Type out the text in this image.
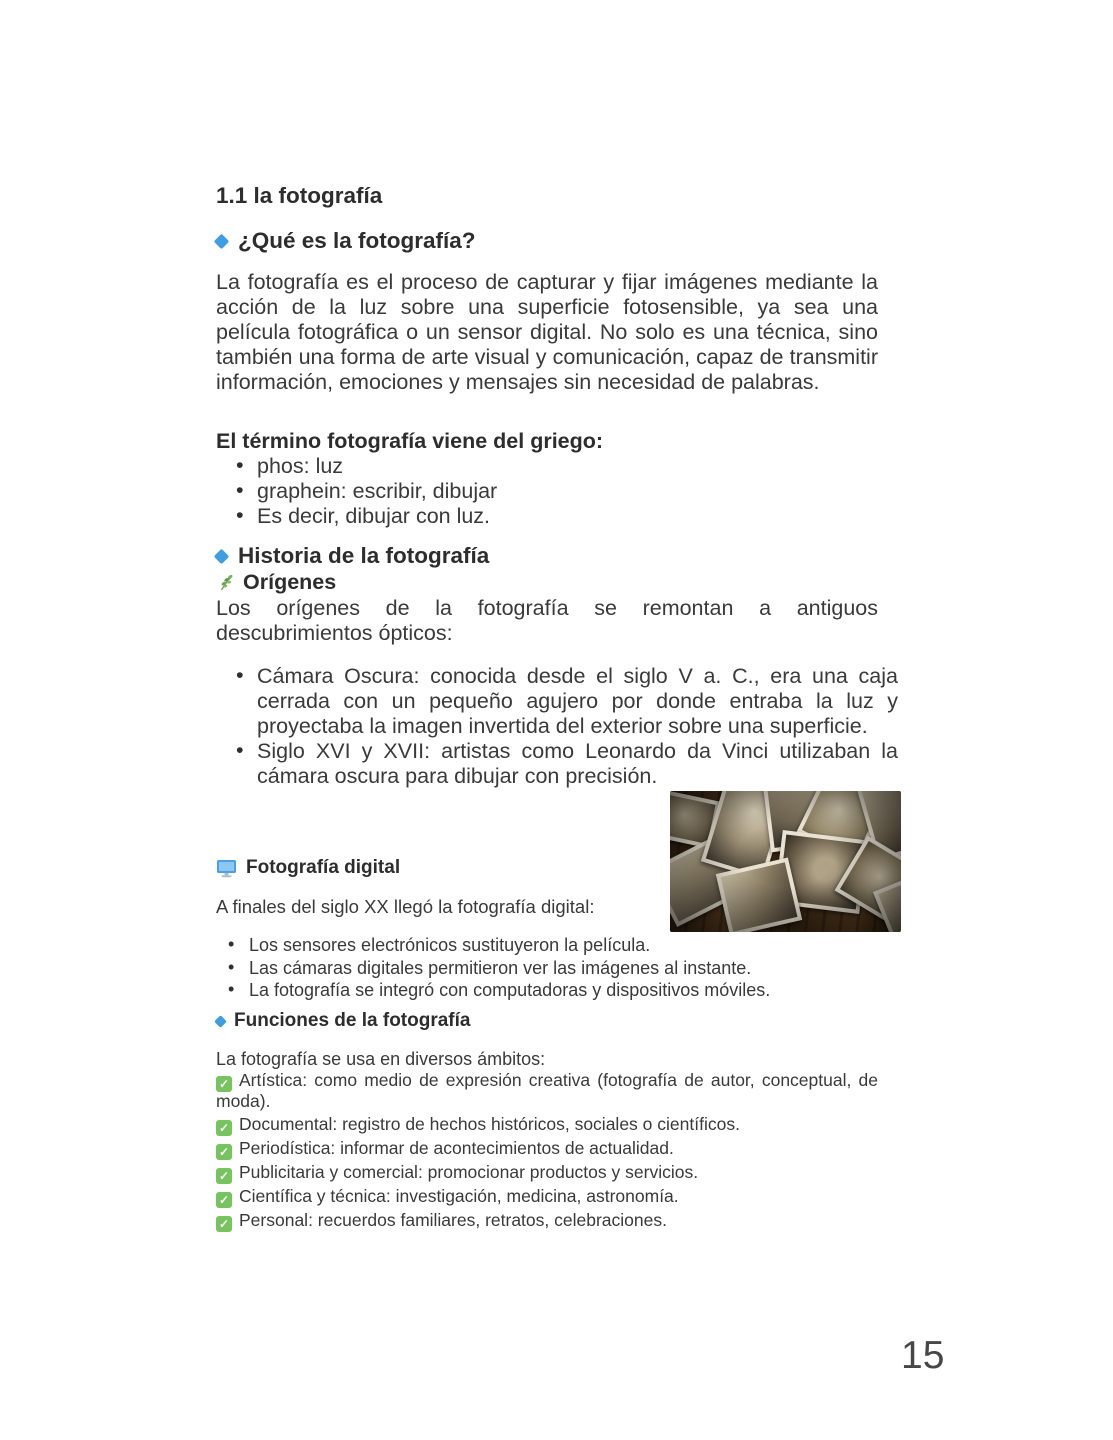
1.1 la fotografía
¿Qué es la fotografía?
La fotografía es el proceso de capturar y fijar imágenes mediante la acción de la luz sobre una superficie fotosensible, ya sea una película fotográfica o un sensor digital. No solo es una técnica, sino también una forma de arte visual y comunicación, capaz de transmitir información, emociones y mensajes sin necesidad de palabras.
El término fotografía viene del griego:
• phos: luz
• graphein: escribir, dibujar
• Es decir, dibujar con luz.
Historia de la fotografía
Orígenes
Los orígenes de la fotografía se remontan a antiguos descubrimientos ópticos:
• Cámara Oscura: conocida desde el siglo V a. C., era una caja cerrada con un pequeño agujero por donde entraba la luz y proyectaba la imagen invertida del exterior sobre una superficie.
• Siglo XVI y XVII: artistas como Leonardo da Vinci utilizaban la cámara oscura para dibujar con precisión.
Fotografía digital
A finales del siglo XX llegó la fotografía digital:
• Los sensores electrónicos sustituyeron la película.
• Las cámaras digitales permitieron ver las imágenes al instante.
• La fotografía se integró con computadoras y dispositivos móviles.
Funciones de la fotografía
La fotografía se usa en diversos ámbitos:
✓ Artística: como medio de expresión creativa (fotografía de autor, conceptual, de moda).
✓ Documental: registro de hechos históricos, sociales o científicos.
✓ Periodística: informar de acontecimientos de actualidad.
✓ Publicitaria y comercial: promocionar productos y servicios.
✓ Científica y técnica: investigación, medicina, astronomía.
✓ Personal: recuerdos familiares, retratos, celebraciones.
15
